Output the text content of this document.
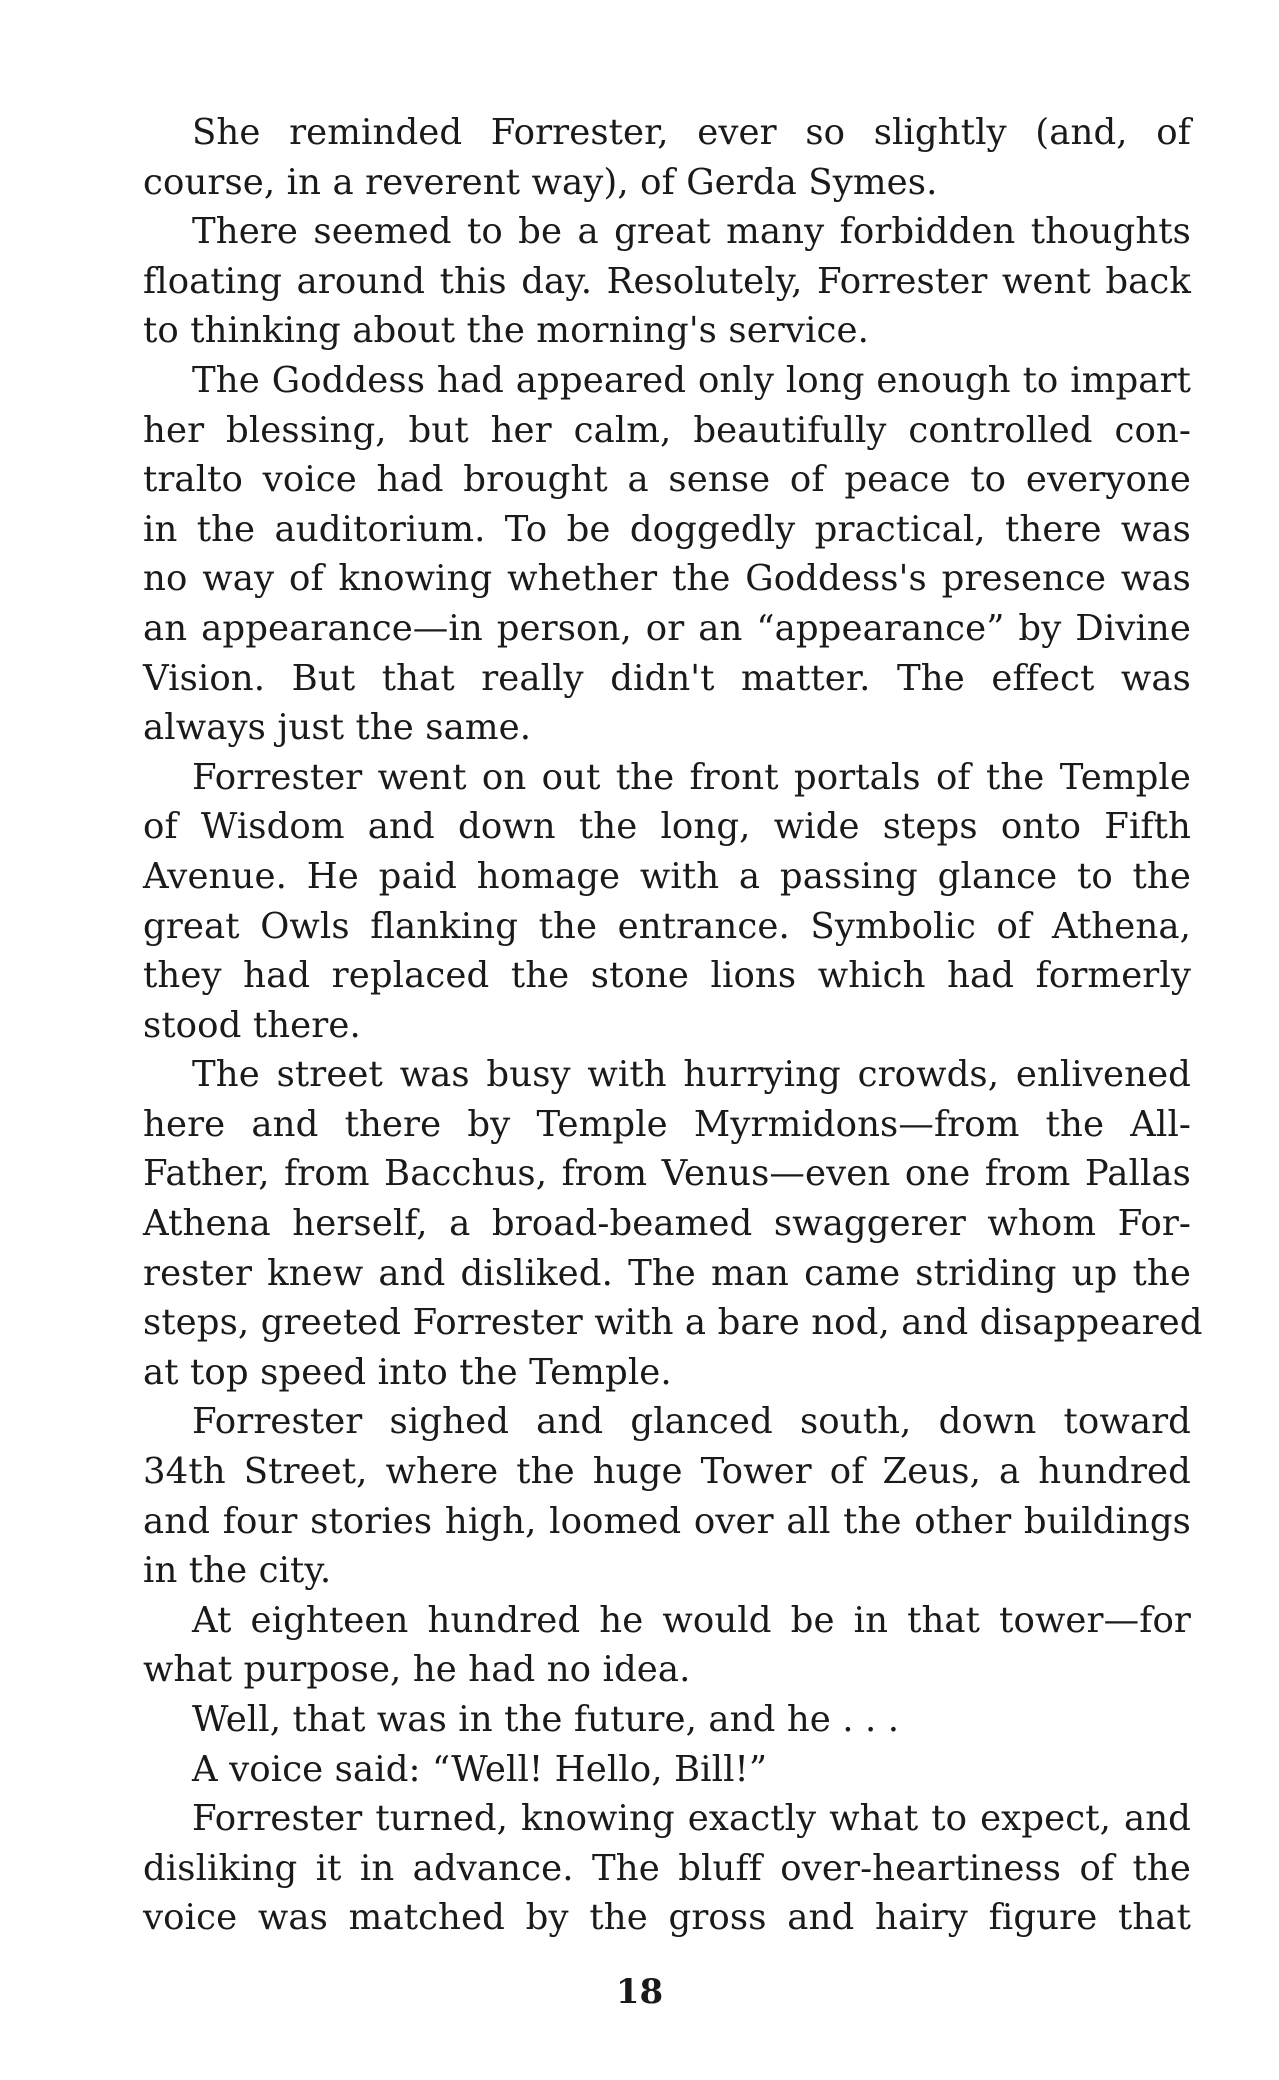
She reminded Forrester, ever so slightly (and, of
course, in a reverent way), of Gerda Symes.
There seemed to be a great many forbidden thoughts
floating around this day. Resolutely, Forrester went back
to thinking about the morning's service.
The Goddess had appeared only long enough to impart
her blessing, but her calm, beautifully controlled con-
tralto voice had brought a sense of peace to everyone
in the auditorium. To be doggedly practical, there was
no way of knowing whether the Goddess's presence was
an appearance—in person, or an “appearance” by Divine
Vision. But that really didn't matter. The effect was
always just the same.
Forrester went on out the front portals of the Temple
of Wisdom and down the long, wide steps onto Fifth
Avenue. He paid homage with a passing glance to the
great Owls flanking the entrance. Symbolic of Athena,
they had replaced the stone lions which had formerly
stood there.
The street was busy with hurrying crowds, enlivened
here and there by Temple Myrmidons—from the All-
Father, from Bacchus, from Venus—even one from Pallas
Athena herself, a broad-beamed swaggerer whom For-
rester knew and disliked. The man came striding up the
steps, greeted Forrester with a bare nod, and disappeared
at top speed into the Temple.
Forrester sighed and glanced south, down toward
34th Street, where the huge Tower of Zeus, a hundred
and four stories high, loomed over all the other buildings
in the city.
At eighteen hundred he would be in that tower—for
what purpose, he had no idea.
Well, that was in the future, and he . . .
A voice said: “Well! Hello, Bill!”
Forrester turned, knowing exactly what to expect, and
disliking it in advance. The bluff over-heartiness of the
voice was matched by the gross and hairy figure that
18
